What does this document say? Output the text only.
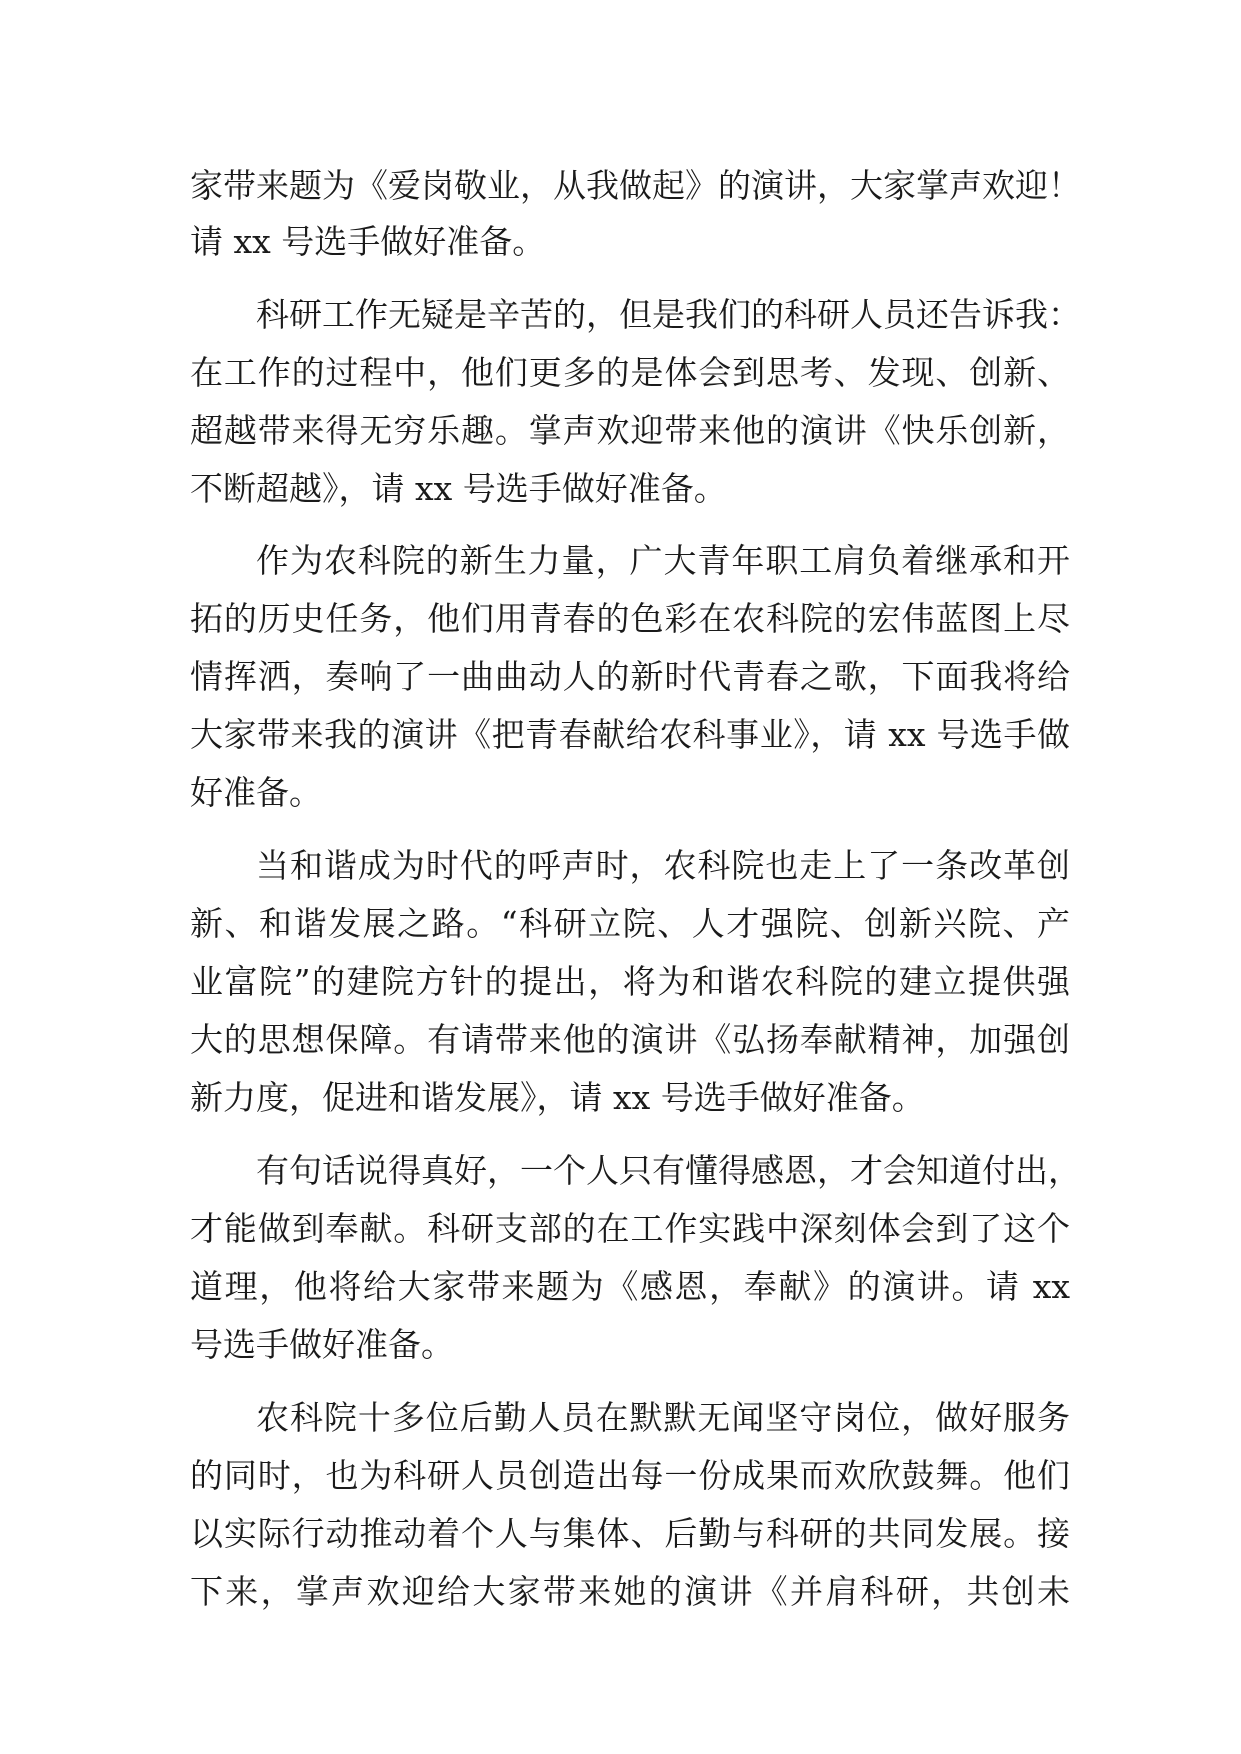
家带来题为《爱岗敬业，从我做起》的演讲，大家掌声欢迎！
请 xx 号选手做好准备。
科研工作无疑是辛苦的，但是我们的科研人员还告诉我：
在工作的过程中，他们更多的是体会到思考、发现、创新、
超越带来得无穷乐趣。掌声欢迎带来他的演讲《快乐创新，
不断超越》，请 xx 号选手做好准备。
作为农科院的新生力量，广大青年职工肩负着继承和开
拓的历史任务，他们用青春的色彩在农科院的宏伟蓝图上尽
情挥洒，奏响了一曲曲动人的新时代青春之歌，下面我将给
大家带来我的演讲《把青春献给农科事业》，请 xx 号选手做
好准备。
当和谐成为时代的呼声时，农科院也走上了一条改革创
新、和谐发展之路。“科研立院、人才强院、创新兴院、产
业富院”的建院方针的提出，将为和谐农科院的建立提供强
大的思想保障。有请带来他的演讲《弘扬奉献精神，加强创
新力度，促进和谐发展》，请 xx 号选手做好准备。
有句话说得真好，一个人只有懂得感恩，才会知道付出，
才能做到奉献。科研支部的在工作实践中深刻体会到了这个
道理，他将给大家带来题为《感恩，奉献》的演讲。请 xx
号选手做好准备。
农科院十多位后勤人员在默默无闻坚守岗位，做好服务
的同时，也为科研人员创造出每一份成果而欢欣鼓舞。他们
以实际行动推动着个人与集体、后勤与科研的共同发展。接
下来，掌声欢迎给大家带来她的演讲《并肩科研，共创未
